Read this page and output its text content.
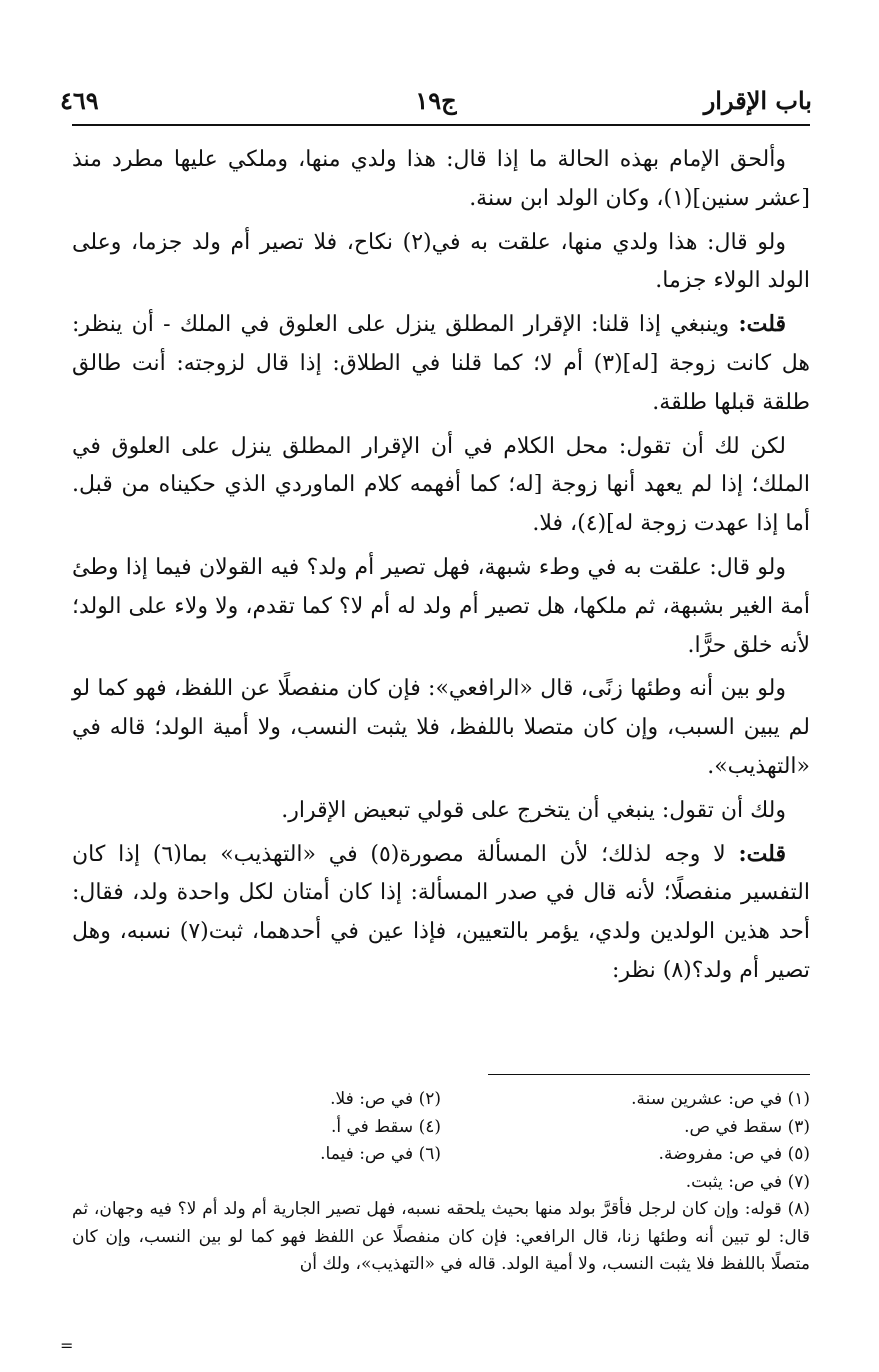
باب الإقرار
ج١٩
٤٦٩

وألحق الإمام بهذه الحالة ما إذا قال: هذا ولدي منها، وملكي عليها مطرد منذ [عشر سنين](١)، وكان الولد ابن سنة.

ولو قال: هذا ولدي منها، علقت به في(٢) نكاح، فلا تصير أم ولد جزما، وعلى الولد الولاء جزما.

قلت: وينبغي إذا قلنا: الإقرار المطلق ينزل على العلوق في الملك - أن ينظر: هل كانت زوجة [له](٣) أم لا؛ كما قلنا في الطلاق: إذا قال لزوجته: أنت طالق طلقة قبلها طلقة.

لكن لك أن تقول: محل الكلام في أن الإقرار المطلق ينزل على العلوق في الملك؛ إذا لم يعهد أنها زوجة [له؛ كما أفهمه كلام الماوردي الذي حكيناه من قبل. أما إذا عهدت زوجة له](٤)، فلا.

ولو قال: علقت به في وطء شبهة، فهل تصير أم ولد؟ فيه القولان فيما إذا وطئ أمة الغير بشبهة، ثم ملكها، هل تصير أم ولد له أم لا؟ كما تقدم، ولا ولاء على الولد؛ لأنه خلق حرًّا.

ولو بين أنه وطئها زنًى، قال «الرافعي»: فإن كان منفصلًا عن اللفظ، فهو كما لو لم يبين السبب، وإن كان متصلا باللفظ، فلا يثبت النسب، ولا أمية الولد؛ قاله في «التهذيب».

ولك أن تقول: ينبغي أن يتخرج على قولي تبعيض الإقرار.

قلت: لا وجه لذلك؛ لأن المسألة مصورة(٥) في «التهذيب» بما(٦) إذا كان التفسير منفصلًا؛ لأنه قال في صدر المسألة: إذا كان أمتان لكل واحدة ولد، فقال: أحد هذين الولدين ولدي، يؤمر بالتعيين، فإذا عين في أحدهما، ثبت(٧) نسبه، وهل تصير أم ولد؟(٨) نظر:

(١) في ص: عشرين سنة.
(٢) في ص: فلا.
(٣) سقط في ص.
(٤) سقط في أ.
(٥) في ص: مفروضة.
(٦) في ص: فيما.
(٧) في ص: يثبت.
(٨) قوله: وإن كان لرجل فأقرَّ بولد منها بحيث يلحقه نسبه، فهل تصير الجارية أم ولد أم لا؟ فيه وجهان، ثم قال: لو تبين أنه وطئها زنا، قال الرافعي: فإن كان منفصلًا عن اللفظ فهو كما لو بين النسب، وإن كان متصلًا باللفظ فلا يثبت النسب، ولا أمية الولد. قاله في «التهذيب»، ولك أن
=
